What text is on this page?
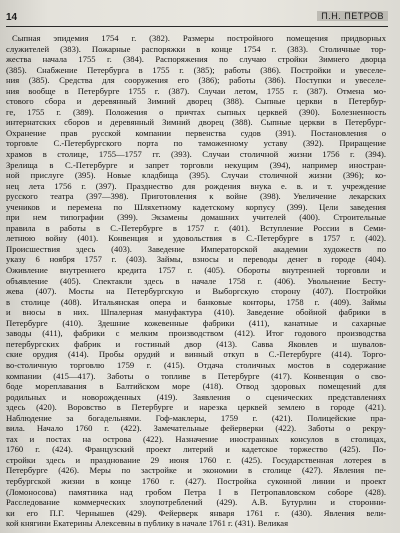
14	П.Н. ПЕТРОВ
Сыпная эпидемия 1754 г. (382). Размеры постройного помещения придворных
служителей (383). Пожарные распоряжки в конце 1754 г. (383). Столичные тор-
жества начала 1755 г. (384). Распоряжения по случаю стройки Зимнего дворца
(385). Снабжение Петербурга в 1755 г. (385); работы (386). Постройки и увеселе-
ния (385). Средства для сооружения его (386); работы (386). Поступки и увеселе-
ния вообще в Петербурге 1755 г. (387). Случаи летом, 1755 г. (387). Отмена мо-
стового сбора и деревянный Зимний дворец (388). Сыпные церкви в Петербур-
ге, 1755 г. (389). Положения о причтах сыпных церквей (390). Болезненность
интернатских сборов и деревянный Зимний дворец (388). Сыпные церкви в Петербург-
Охранение прав русской компании первенства судов (391). Постановления о
торговле С.-Петербургского порта по таможенному уставу (392). Приращение
храмов в столице, 1755—1757 гг. (393). Случаи столичной жизни 1756 г. (394).
Зрелища в С.-Петербурге и запрет торговли некущим (394), например иностран-
ной прислуге (395). Новые кладбища (395). Случаи столичной жизни (396); ко-
нец лета 1756 г. (397). Празднество для рождения внука е. в. и т. учреждение
русского театра (397—398). Приготовления к войне (398). Увеличение лекарских
учеников и перемена по Шляхетному кадетскому корпусу (399). Цели заведения
при нем типографии (399). Экзамены домашних учителей (400). Строительные
правила в работы в С.-Петербурге в 1757 г. (401). Вступление России в Семи-
летнюю войну (401). Конвенция и удовольствия в С.-Петербурге в 1757 г. (402).
Происшествия здесь (403). Заведение Императорской академии художеств по
указу 6 ноября 1757 г. (403). Займы, взносы и переводы денег в городе (404).
Оживление внутреннего кредита 1757 г. (405). Обороты внутренней торговли и
объявление (405). Спектакли здесь в начале 1758 г. (406). Увольнение Бесту-
жева (407). Мосты на Петербургскую и Выборгскую сторону (407). Постройки
в столице (408). Итальянская опера и банковые конторы, 1758 г. (409). Займы
и вносы в них. Шпалерная мануфактура (410). Заведение обойной фабрики в
Петербурге (410). Здешние кожевенные фабрики (411), канатные и сахарные
заводы (411), фабрики с мелким производством (412). Итог годового производства
петербургских фабрик и гостиный двор (413). Савва Яковлев и шувалов-
ские орудия (414). Пробы орудий и винный откуп в С.-Петербурге (414). Торго-
во-столичную торговлю 1759 г. (415). Отдача столичных мостов в содержание
компании (415—417). Заботы о топливе в Петербурге (417). Конвенция о сво-
бодe мореплавания в Балтийском море (418). Отвод здоровых помещений для
родильных и новорожденных (419). Заявления о сценических представлениях
здесь (420). Воровство в Петербурге и нарезка церквей землею в городе (421).
Наблюдение за богадельнями. Гоф-маклеры, 1759 г. (421). Полицейские пра-
вила. Начало 1760 г. (422). Замечательные фейерверки (422). Заботы о рекру-
тах и постах на острова (422). Назначение иностранных консулов в столицах,
1760 г. (424). Французский проект литерий и кадетское торжество (425). По-
стройки здесь и празднование 29 июня 1760 г. (425). Государственная лотерея в
Петербурге (426). Меры по застройке и экономии в столице (427). Явления пе-
тербургской жизни в конце 1760 г. (427). Постройка суконной линии и проект
(Ломоносова) памятника над гробом Петра I в Петропавловском соборе (428).
Расследование коммерческих злоупотреблений (429). А.В. Бутурлин и сторонни-
ки его П.Г. Чернышев (429). Фейерверк января 1761 г. (430). Явления вели-
кой княгини Екатерины Алексевны в публику в начале 1761 г. (431). Великая
